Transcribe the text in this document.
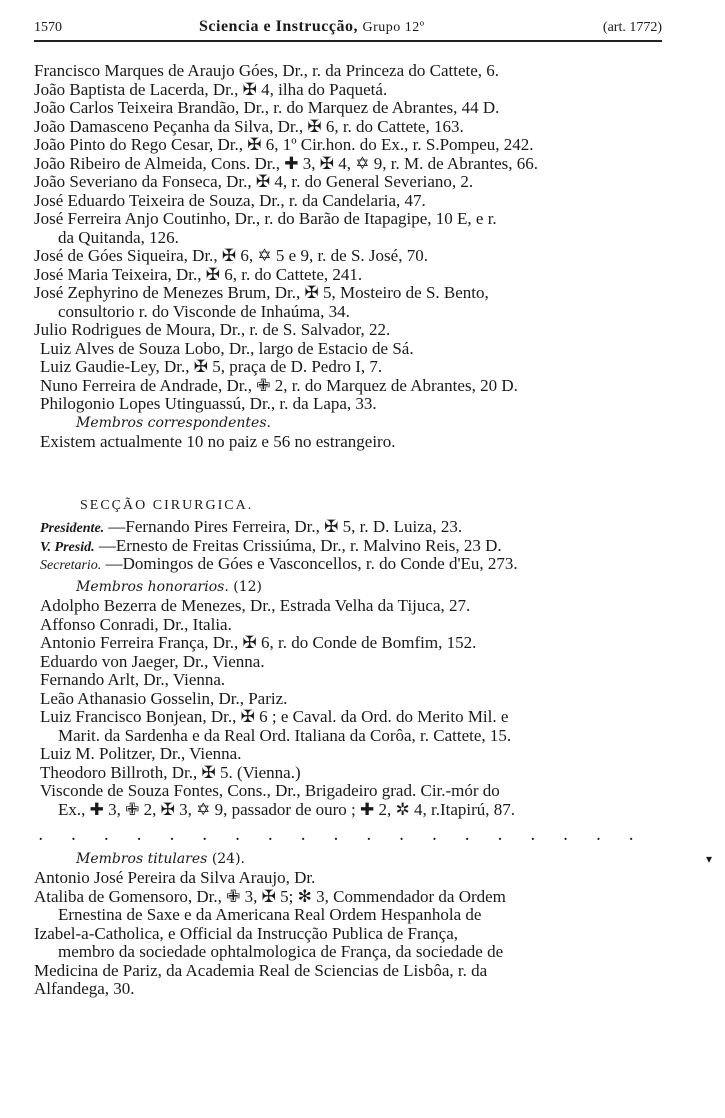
1570	Sciencia e Instrucção, Grupo 12º	(art. 1772)
Francisco Marques de Araujo Góes, Dr., r. da Princeza do Cattete, 6.
João Baptista de Lacerda, Dr., ✠ 4, ilha do Paquetá.
João Carlos Teixeira Brandão, Dr., r. do Marquez de Abrantes, 44 D.
João Damasceno Peçanha da Silva, Dr., ✠ 6, r. do Cattete, 163.
João Pinto do Rego Cesar, Dr., ✠ 6, 1º Cir.hon. do Ex., r. S.Pompeu, 242.
João Ribeiro de Almeida, Cons. Dr., ✚ 3, ✠ 4, ✡ 9, r. M. de Abrantes, 66.
João Severiano da Fonseca, Dr., ✠ 4, r. do General Severiano, 2.
José Eduardo Teixeira de Souza, Dr., r. da Candelaria, 47.
José Ferreira Anjo Coutinho, Dr., r. do Barão de Itapagipe, 10 E, e r.
da Quitanda, 126.
José de Góes Siqueira, Dr., ✠ 6, ✡ 5 e 9, r. de S. José, 70.
José Maria Teixeira, Dr., ✠ 6, r. do Cattete, 241.
José Zephyrino de Menezes Brum, Dr., ✠ 5, Mosteiro de S. Bento,
consultorio r. do Visconde de Inhaúma, 34.
Julio Rodrigues de Moura, Dr., r. de S. Salvador, 22.
Luiz Alves de Souza Lobo, Dr., largo de Estacio de Sá.
Luiz Gaudie-Ley, Dr., ✠ 5, praça de D. Pedro I, 7.
Nuno Ferreira de Andrade, Dr., ✙ 2, r. do Marquez de Abrantes, 20 D.
Philogonio Lopes Utinguassú, Dr., r. da Lapa, 33.
Membros correspondentes.
Existem actualmente 10 no paiz e 56 no estrangeiro.
SECÇÃO CIRURGICA.
Presidente. —Fernando Pires Ferreira, Dr., ✠ 5, r. D. Luiza, 23.
V. Presid. —Ernesto de Freitas Crissiúma, Dr., r. Malvino Reis, 23 D.
Secretario. —Domingos de Góes e Vasconcellos, r. do Conde d'Eu, 273.
Membros honorarios. (12)
Adolpho Bezerra de Menezes, Dr., Estrada Velha da Tijuca, 27.
Affonso Conradi, Dr., Italia.
Antonio Ferreira França, Dr., ✠ 6, r. do Conde de Bomfim, 152.
Eduardo von Jaeger, Dr., Vienna.
Fernando Arlt, Dr., Vienna.
Leão Athanasio Gosselin, Dr., Pariz.
Luiz Francisco Bonjean, Dr., ✠ 6 ; e Caval. da Ord. do Merito Mil. e
Marit. da Sardenha e da Real Ord. Italiana da Corôa, r. Cattete, 15.
Luiz M. Politzer, Dr., Vienna.
Theodoro Billroth, Dr., ✠ 5. (Vienna.)
Visconde de Souza Fontes, Cons., Dr., Brigadeiro grad. Cir.-mór do
Ex., ✚ 3, ✙ 2, ✠ 3, ✡ 9, passador de ouro ; ✚ 2, ✲ 4, r.Itapirú, 87.
. . . . . . . . . . . . . . . . . . .
Membros titulares (24).
Antonio José Pereira da Silva Araujo, Dr.
Ataliba de Gomensoro, Dr., ✙ 3, ✠ 5; ✻ 3, Commendador da Ordem
Ernestina de Saxe e da Americana Real Ordem Hespanhola de
Izabel-a-Catholica, e Official da Instrucção Publica de França,
membro da sociedade ophtalmologica de França, da sociedade de
Medicina de Pariz, da Academia Real de Sciencias de Lisbôa, r. da
Alfandega, 30.
▾
